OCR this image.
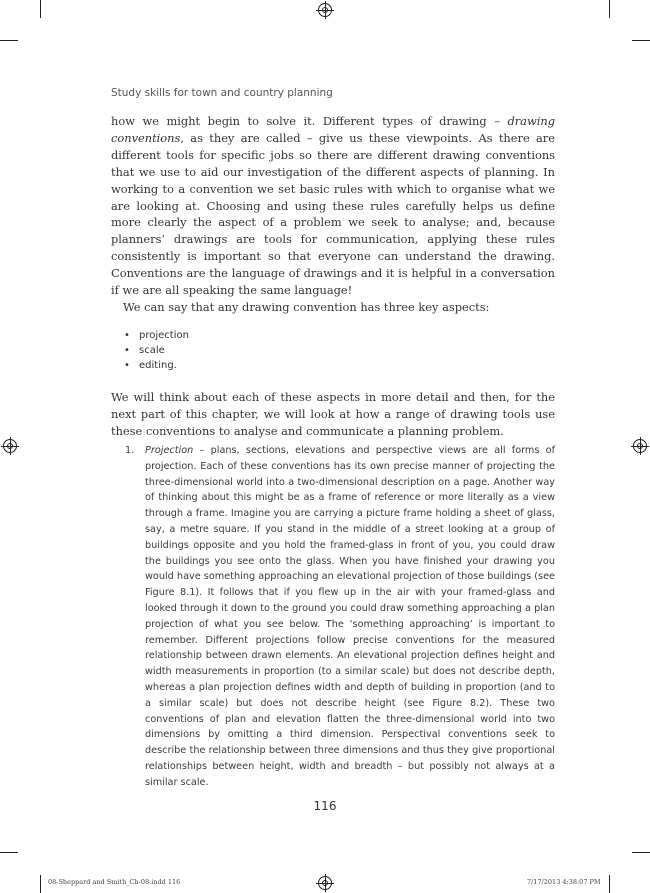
Study skills for town and country planning

how we might begin to solve it. Different types of drawing – drawing conventions, as they are called – give us these viewpoints. As there are different tools for specific jobs so there are different drawing conventions that we use to aid our investigation of the different aspects of planning. In working to a convention we set basic rules with which to organise what we are looking at. Choosing and using these rules carefully helps us define more clearly the aspect of a problem we seek to analyse; and, because planners’ drawings are tools for communication, applying these rules consistently is important so that everyone can understand the drawing. Conventions are the language of drawings and it is helpful in a conversation if we are all speaking the same language!

We can say that any drawing convention has three key aspects:

• projection
• scale
• editing.

We will think about each of these aspects in more detail and then, for the next part of this chapter, we will look at how a range of drawing tools use these conventions to analyse and communicate a planning problem.

1. Projection – plans, sections, elevations and perspective views are all forms of projection. Each of these conventions has its own precise manner of projecting the three-dimensional world into a two-dimensional description on a page. Another way of thinking about this might be as a frame of reference or more literally as a view through a frame. Imagine you are carrying a picture frame holding a sheet of glass, say, a metre square. If you stand in the middle of a street looking at a group of buildings opposite and you hold the framed-glass in front of you, you could draw the buildings you see onto the glass. When you have finished your drawing you would have something approaching an elevational projection of those buildings (see Figure 8.1). It follows that if you flew up in the air with your framed-glass and looked through it down to the ground you could draw something approaching a plan projection of what you see below. The ‘something approaching’ is important to remember. Different projections follow precise conventions for the measured relationship between drawn elements. An elevational projection defines height and width measurements in proportion (to a similar scale) but does not describe depth, whereas a plan projection defines width and depth of building in proportion (and to a similar scale) but does not describe height (see Figure 8.2). These two conventions of plan and elevation flatten the three-dimensional world into two dimensions by omitting a third dimension. Perspectival conventions seek to describe the relationship between three dimensions and thus they give proportional relationships between height, width and breadth – but possibly not always at a similar scale.
116
08-Sheppard and Smith_Ch-08.indd 116	7/17/2013 4:38:07 PM
